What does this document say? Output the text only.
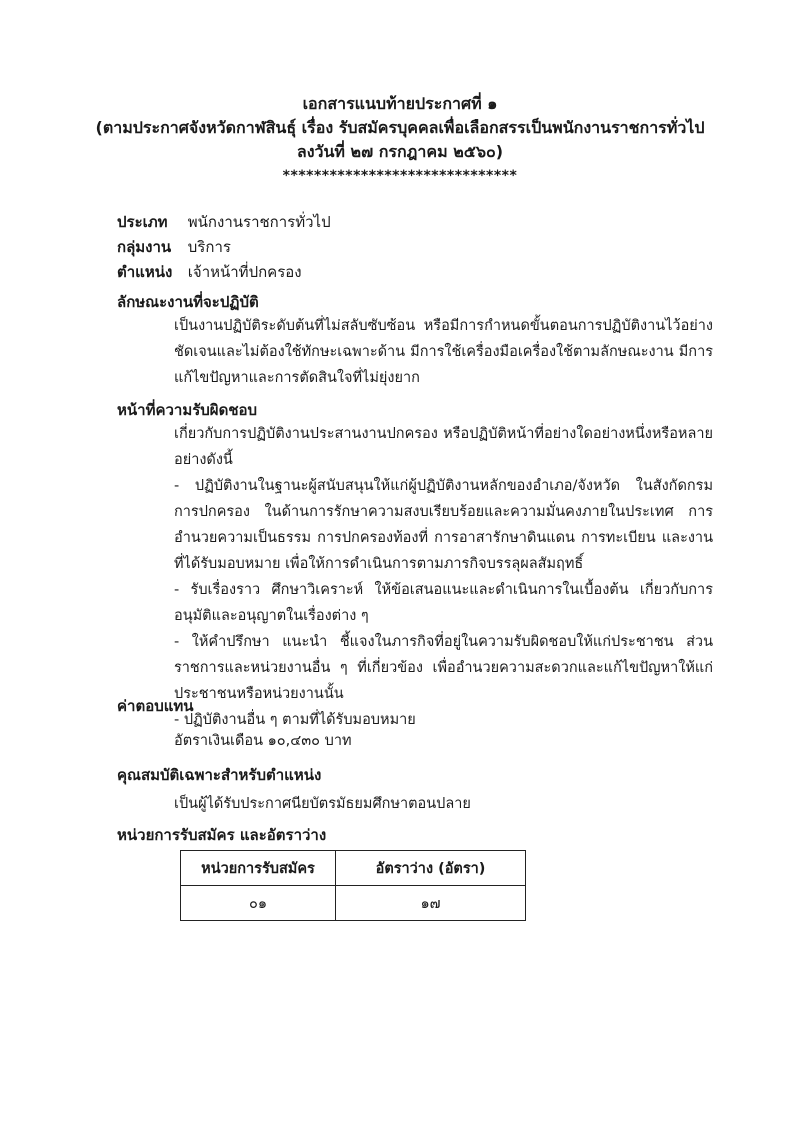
เอกสารแนบท้ายประกาศที่ ๑
(ตามประกาศจังหวัดกาฬสินธุ์ เรื่อง รับสมัครบุคคลเพื่อเลือกสรรเป็นพนักงานราชการทั่วไป
ลงวันที่ ๒๗ กรกฎาคม ๒๕๖๐)
******************************
ประเภท พนักงานราชการทั่วไป
กลุ่มงาน บริการ
ตำแหน่ง เจ้าหน้าที่ปกครอง
ลักษณะงานที่จะปฏิบัติ

เป็นงานปฏิบัติระดับต้นที่ไม่สลับซับซ้อน หรือมีการกำหนดขั้นตอนการปฏิบัติงานไว้อย่างชัดเจนและไม่ต้องใช้ทักษะเฉพาะด้าน มีการใช้เครื่องมือเครื่องใช้ตามลักษณะงาน มีการแก้ไขปัญหาและการตัดสินใจที่ไม่ยุ่งยาก

หน้าที่ความรับผิดชอบ

เกี่ยวกับการปฏิบัติงานประสานงานปกครอง หรือปฏิบัติหน้าที่อย่างใดอย่างหนึ่งหรือหลายอย่างดังนี้

- ปฏิบัติงานในฐานะผู้สนับสนุนให้แก่ผู้ปฏิบัติงานหลักของอำเภอ/จังหวัด ในสังกัดกรมการปกครอง ในด้านการรักษาความสงบเรียบร้อยและความมั่นคงภายในประเทศ การอำนวยความเป็นธรรม การปกครองท้องที่ การอาสารักษาดินแดน การทะเบียน และงานที่ได้รับมอบหมาย เพื่อให้การดำเนินการตามภารกิจบรรลุผลสัมฤทธิ์

- รับเรื่องราว ศึกษาวิเคราะห์ ให้ข้อเสนอแนะและดำเนินการในเบื้องต้น เกี่ยวกับการอนุมัติและอนุญาตในเรื่องต่าง ๆ

- ให้คำปรึกษา แนะนำ ชี้แจงในภารกิจที่อยู่ในความรับผิดชอบให้แก่ประชาชน ส่วนราชการและหน่วยงานอื่น ๆ ที่เกี่ยวข้อง เพื่ออำนวยความสะดวกและแก้ไขปัญหาให้แก่ประชาชนหรือหน่วยงานนั้น

- ปฏิบัติงานอื่น ๆ ตามที่ได้รับมอบหมาย

ค่าตอบแทน
อัตราเงินเดือน ๑๐,๔๓๐ บาท
คุณสมบัติเฉพาะสำหรับตำแหน่ง
เป็นผู้ได้รับประกาศนียบัตรมัธยมศึกษาตอนปลาย
หน่วยการรับสมัคร และอัตราว่าง
หน่วยการรับสมัคร	อัตราว่าง (อัตรา)
๐๑	๑๗
